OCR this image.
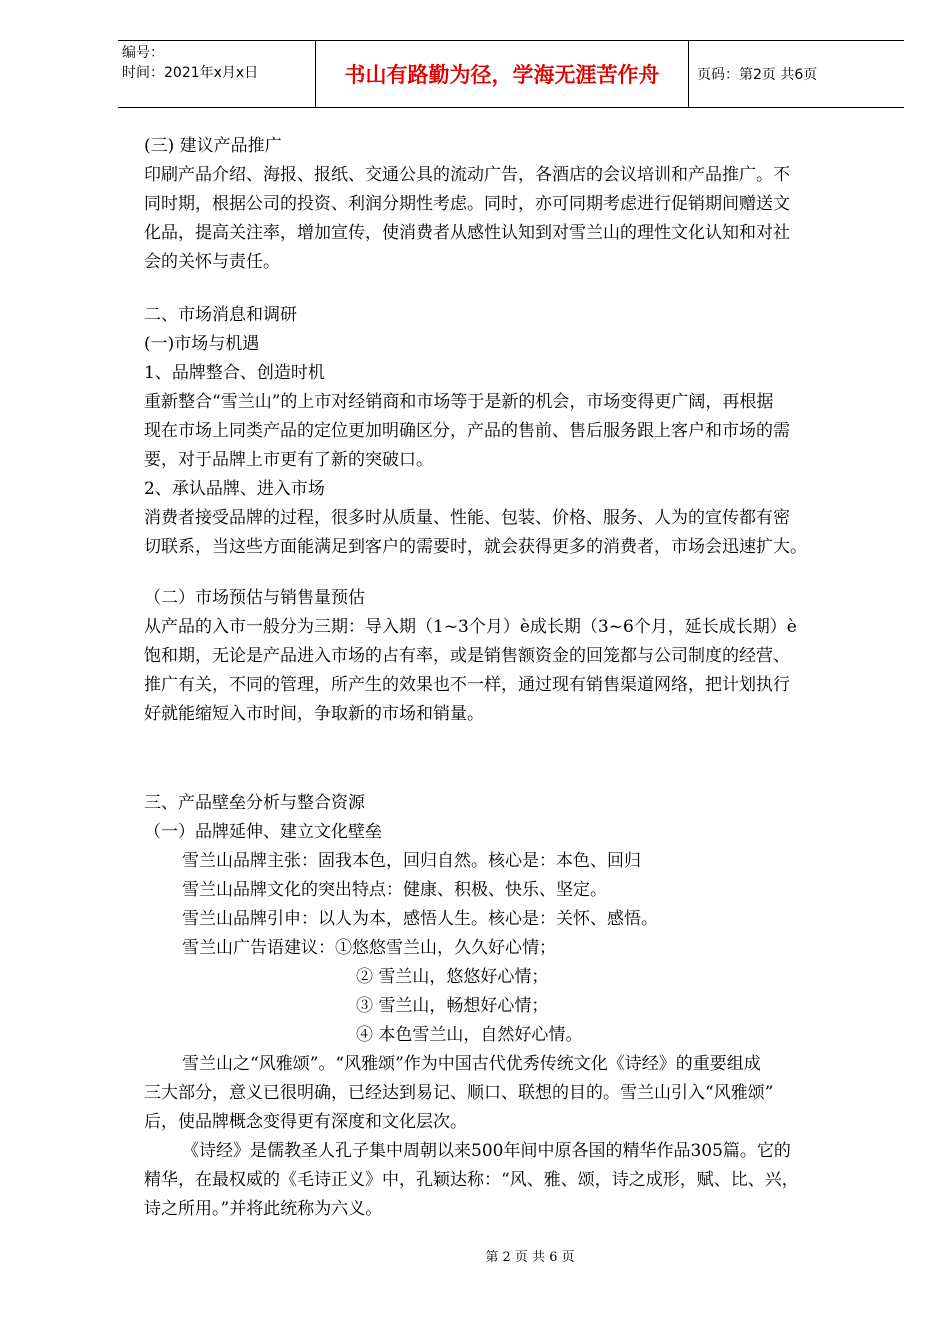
编号：
时间：2021年x月x日	书山有路勤为径，学海无涯苦作舟	页码：第2页 共6页

(三) 建议产品推广

印刷产品介绍、海报、报纸、交通公具的流动广告，各酒店的会议培训和产品推广。不

同时期，根据公司的投资、利润分期性考虑。同时，亦可同期考虑进行促销期间赠送文

化品，提高关注率，增加宣传，使消费者从感性认知到对雪兰山的理性文化认知和对社

会的关怀与责任。

二、市场消息和调研

(一)市场与机遇

1、品牌整合、创造时机

重新整合“雪兰山”的上市对经销商和市场等于是新的机会，市场变得更广阔，再根据

现在市场上同类产品的定位更加明确区分，产品的售前、售后服务跟上客户和市场的需

要，对于品牌上市更有了新的突破口。

2、承认品牌、进入市场

消费者接受品牌的过程，很多时从质量、性能、包装、价格、服务、人为的宣传都有密

切联系，当这些方面能满足到客户的需要时，就会获得更多的消费者，市场会迅速扩大。

（二）市场预估与销售量预估

从产品的入市一般分为三期：导入期（1~3个月）è成长期（3~6个月，延长成长期）è

饱和期，无论是产品进入市场的占有率，或是销售额资金的回笼都与公司制度的经营、

推广有关，不同的管理，所产生的效果也不一样，通过现有销售渠道网络，把计划执行

好就能缩短入市时间，争取新的市场和销量。

三、产品壁垒分析与整合资源

（一）品牌延伸、建立文化壁垒

雪兰山品牌主张：固我本色，回归自然。核心是：本色、回归

雪兰山品牌文化的突出特点：健康、积极、快乐、坚定。

雪兰山品牌引申：以人为本，感悟人生。核心是：关怀、感悟。

雪兰山广告语建议：①悠悠雪兰山，久久好心情；

② 雪兰山，悠悠好心情；

③ 雪兰山，畅想好心情；

④ 本色雪兰山，自然好心情。

雪兰山之“风雅颂”。“风雅颂”作为中国古代优秀传统文化《诗经》的重要组成

三大部分，意义已很明确，已经达到易记、顺口、联想的目的。雪兰山引入“风雅颂”

后，使品牌概念变得更有深度和文化层次。

《诗经》是儒教圣人孔子集中周朝以来500年间中原各国的精华作品305篇。它的

精华，在最权威的《毛诗正义》中，孔颖达称：“风、雅、颂，诗之成形，赋、比、兴，

诗之所用。”并将此统称为六义。

第 2 页 共 6 页
